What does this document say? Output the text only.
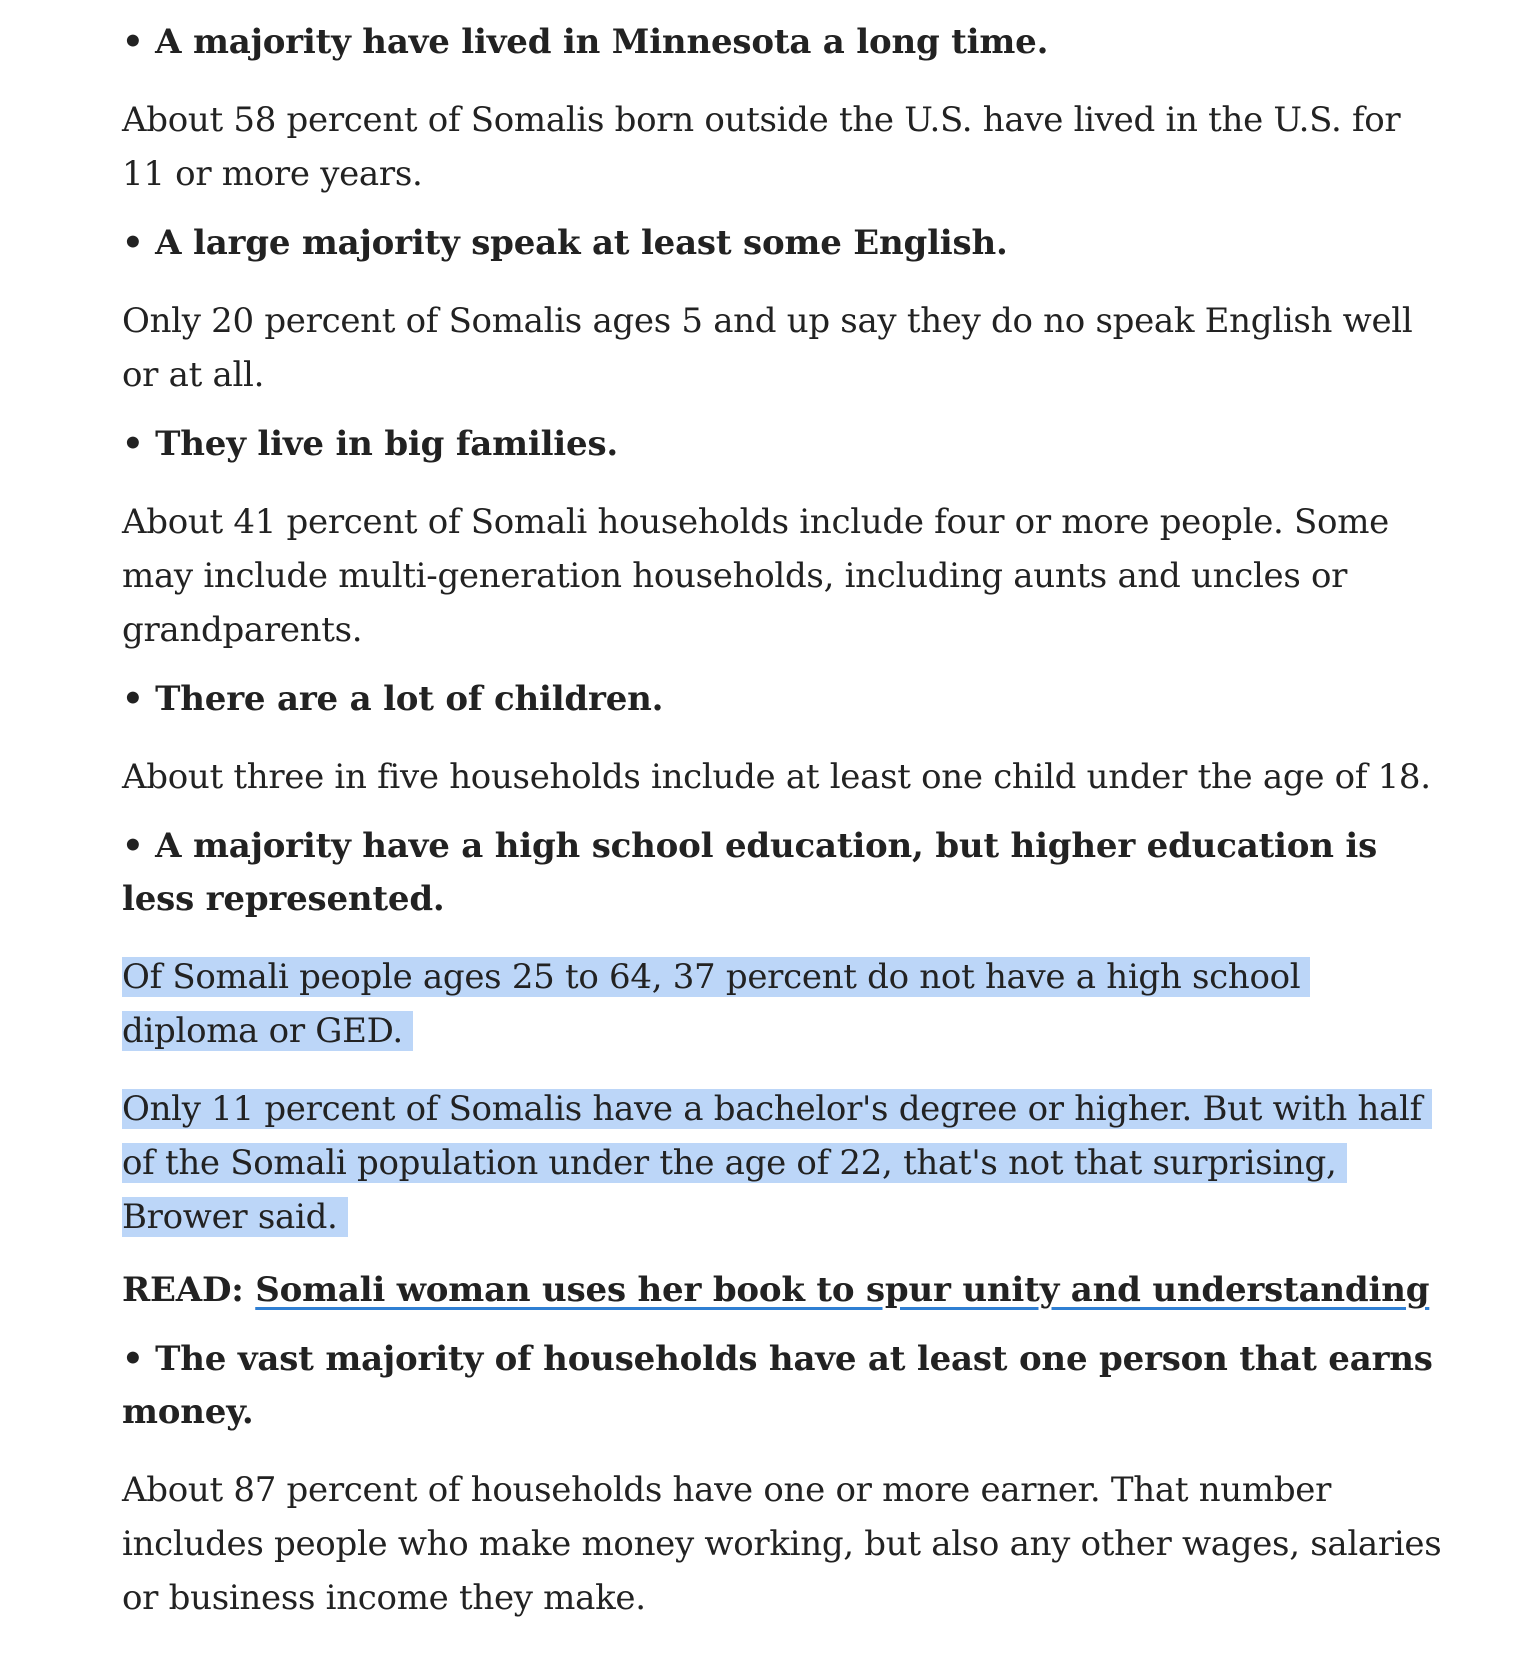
• A majority have lived in Minnesota a long time.

About 58 percent of Somalis born outside the U.S. have lived in the U.S. for 11 or more years.

• A large majority speak at least some English.

Only 20 percent of Somalis ages 5 and up say they do no speak English well or at all.

• They live in big families.

About 41 percent of Somali households include four or more people. Some may include multi-generation households, including aunts and uncles or grandparents.

• There are a lot of children.

About three in five households include at least one child under the age of 18.

• A majority have a high school education, but higher education is less represented.

Of Somali people ages 25 to 64, 37 percent do not have a high school diploma or GED.

Only 11 percent of Somalis have a bachelor's degree or higher. But with half of the Somali population under the age of 22, that's not that surprising, Brower said.

READ: Somali woman uses her book to spur unity and understanding

• The vast majority of households have at least one person that earns money.

About 87 percent of households have one or more earner. That number includes people who make money working, but also any other wages, salaries or business income they make.
